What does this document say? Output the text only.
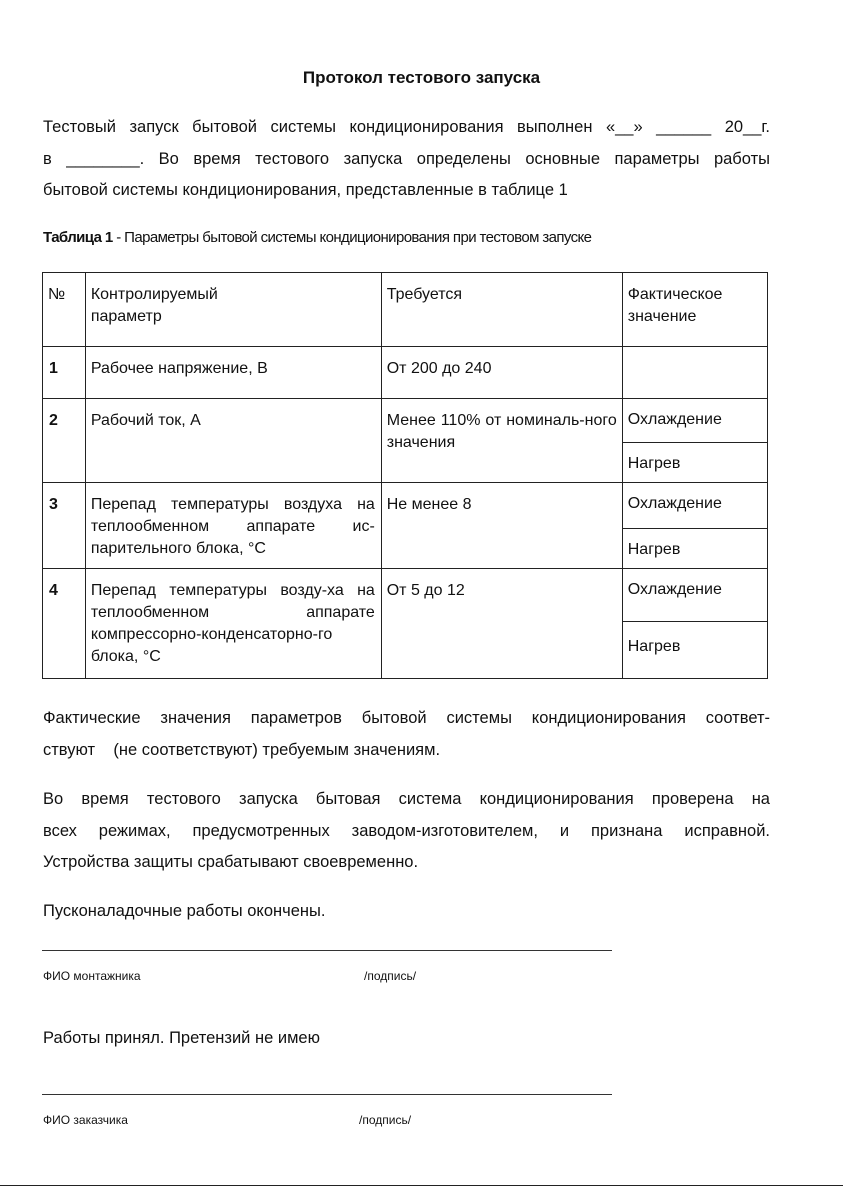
Протокол тестового запуска
Тестовый запуск бытовой системы кондиционирования выполнен «__» ______ 20__г.
в ________. Во время тестового запуска определены основные параметры работы
бытовой системы кондиционирования, представленные в таблице 1
Таблица 1 - Параметры бытовой системы кондиционирования при тестовом запуске
№	Контролируемый параметр	Требуется	Фактическое значение

1	Рабочее напряжение, В	От 200 до 240	
2	Рабочий ток, А	Менее 110% от номиналь-ного значения	Охлаждение
			Нагрев
3	Перепад температуры воздуха на теплообменном аппарате ис-парительного блока, °С	Не менее 8	Охлаждение
			Нагрев
4	Перепад температуры возду-ха на теплообменном аппарате компрессорно-конденсаторно-го блока, °С	От 5 до 12	Охлаждение
			Нагрев
Фактические значения параметров бытовой системы кондиционирования соответ-
ствуют    (не соответствуют) требуемым значениям.
Во время тестового запуска бытовая система кондиционирования проверена на
всех режимах, предусмотренных заводом-изготовителем, и признана исправной.
Устройства защиты срабатывают своевременно.
Пусконаладочные работы окончены.
ФИО монтажника	/подпись/
Работы принял. Претензий не имею
ФИО заказчика	/подпись/
